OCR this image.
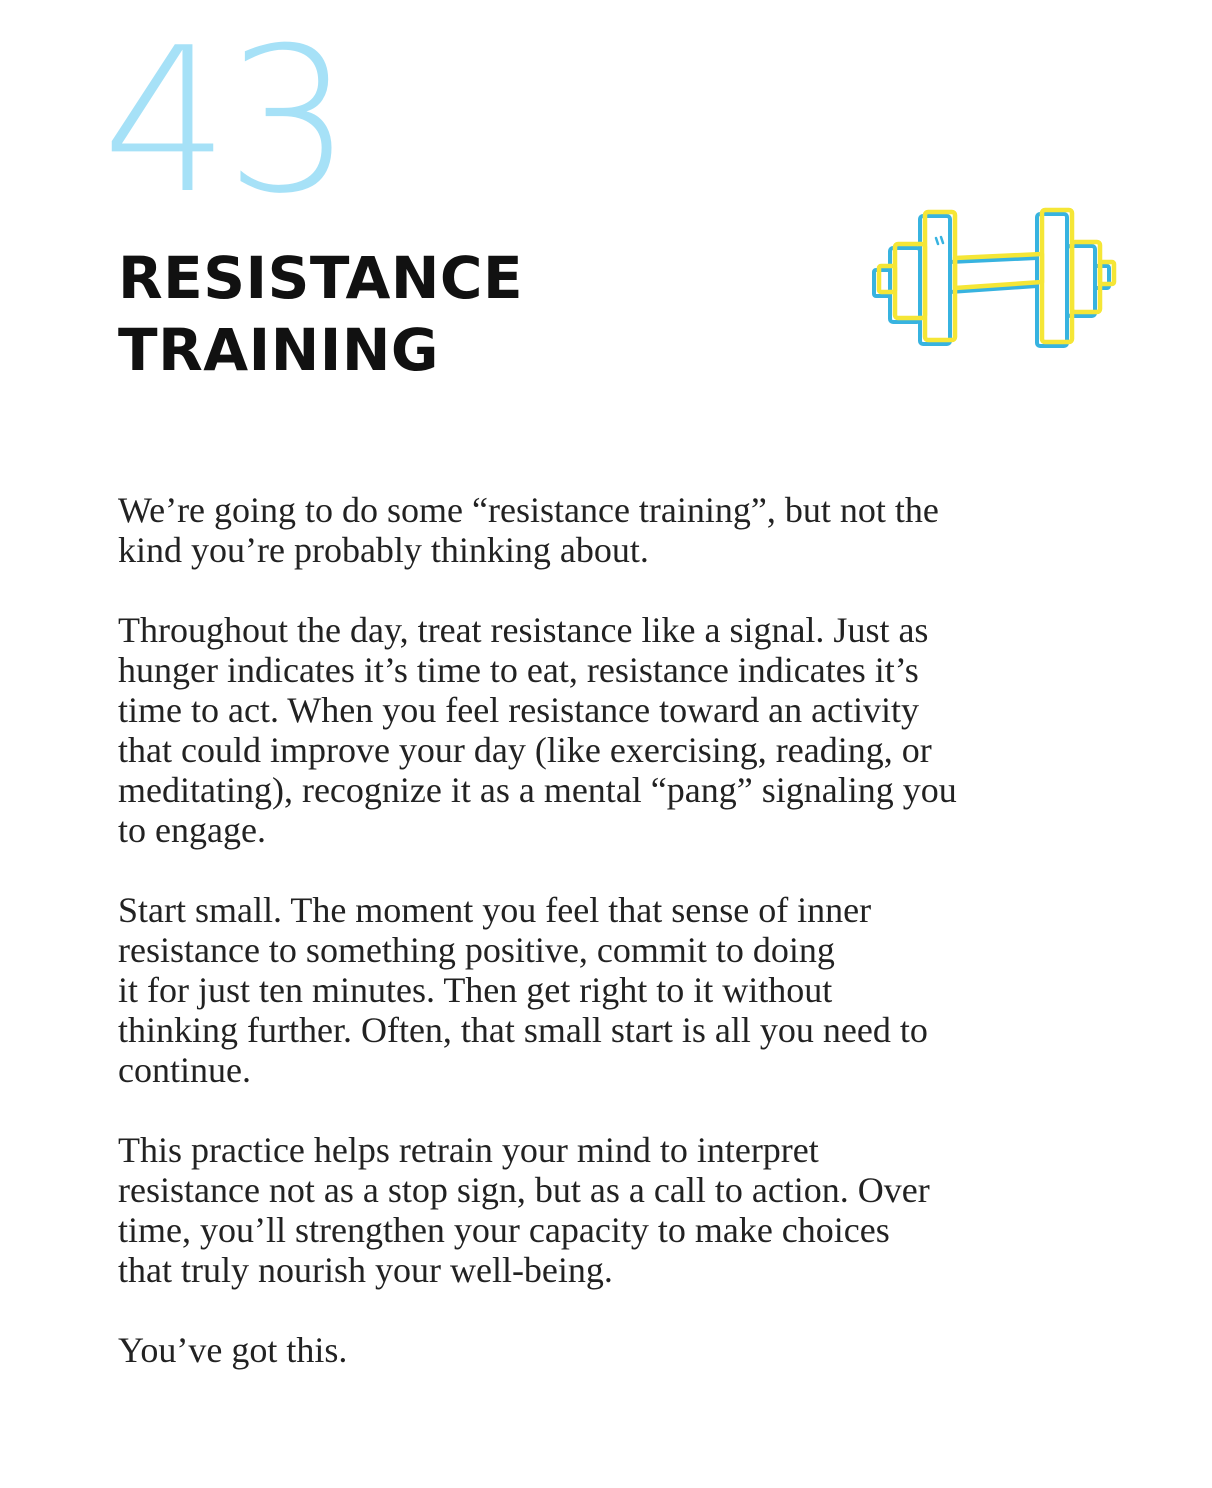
43
RESISTANCE
TRAINING

We’re going to do some “resistance training”, but not the
kind you’re probably thinking about.

Throughout the day, treat resistance like a signal. Just as
hunger indicates it’s time to eat, resistance indicates it’s
time to act. When you feel resistance toward an activity
that could improve your day (like exercising, reading, or
meditating), recognize it as a mental “pang” signaling you
to engage.

Start small. The moment you feel that sense of inner
resistance to something positive, commit to doing
it for just ten minutes. Then get right to it without
thinking further. Often, that small start is all you need to
continue.

This practice helps retrain your mind to interpret
resistance not as a stop sign, but as a call to action. Over
time, you’ll strengthen your capacity to make choices
that truly nourish your well-being.

You’ve got this.
